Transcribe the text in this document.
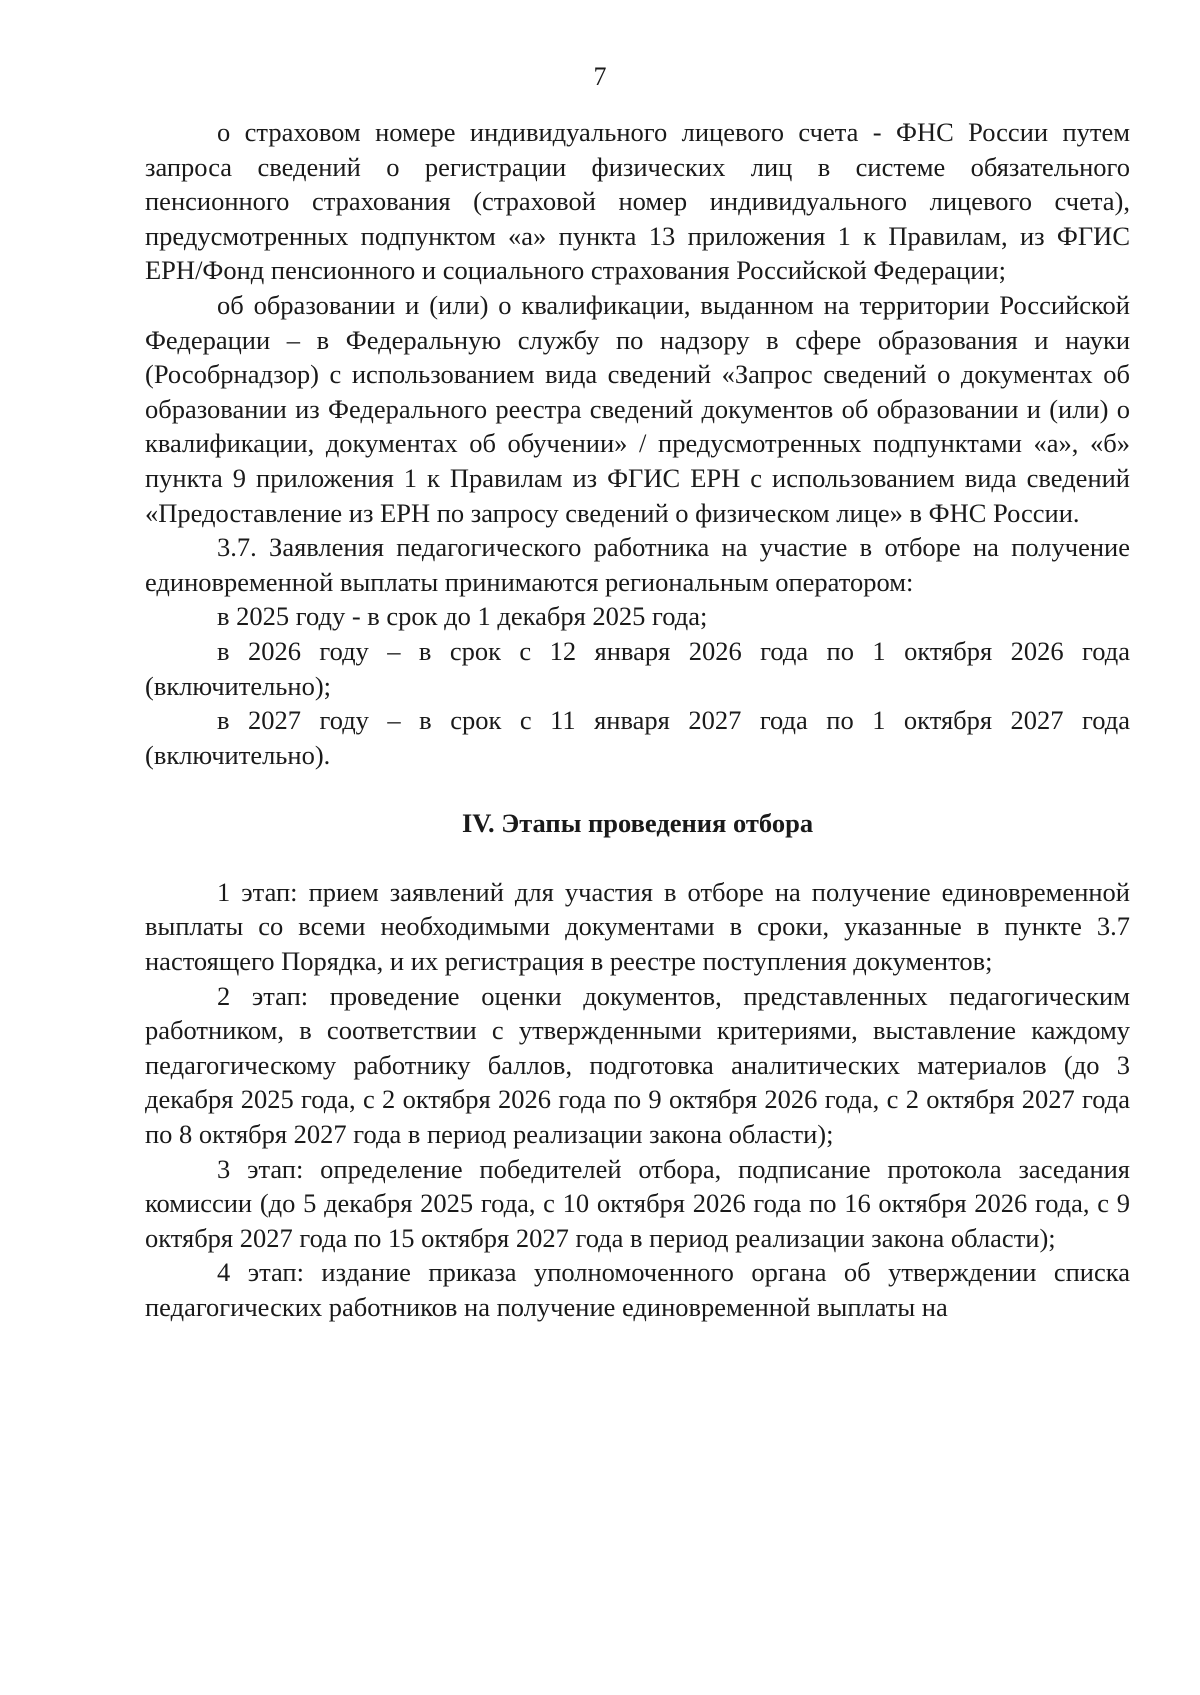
7

о страховом номере индивидуального лицевого счета - ФНС России путем запроса сведений о регистрации физических лиц в системе обязательного пенсионного страхования (страховой номер индивидуального лицевого счета), предусмотренных подпунктом «а» пункта 13 приложения 1 к Правилам, из ФГИС ЕРН/Фонд пенсионного и социального страхования Российской Федерации;

об образовании и (или) о квалификации, выданном на территории Российской Федерации – в Федеральную службу по надзору в сфере образования и науки (Рособрнадзор) с использованием вида сведений «Запрос сведений о документах об образовании из Федерального реестра сведений документов об образовании и (или) о квалификации, документах об обучении» / предусмотренных подпунктами «а», «б» пункта 9 приложения 1 к Правилам из ФГИС ЕРН с использованием вида сведений «Предоставление из ЕРН по запросу сведений о физическом лице» в ФНС России.

3.7. Заявления педагогического работника на участие в отборе на получение единовременной выплаты принимаются региональным оператором:

в 2025 году - в срок до 1 декабря 2025 года;

в 2026 году – в срок с 12 января 2026 года по 1 октября 2026 года (включительно);

в 2027 году – в срок с 11 января 2027 года по 1 октября 2027 года (включительно).

IV. Этапы проведения отбора

1 этап: прием заявлений для участия в отборе на получение единовременной выплаты со всеми необходимыми документами в сроки, указанные в пункте 3.7 настоящего Порядка, и их регистрация в реестре поступления документов;

2 этап: проведение оценки документов, представленных педагогическим работником, в соответствии с утвержденными критериями, выставление каждому педагогическому работнику баллов, подготовка аналитических материалов (до 3 декабря 2025 года, с 2 октября 2026 года по 9 октября 2026 года, с 2 октября 2027 года по 8 октября 2027 года в период реализации закона области);

3 этап: определение победителей отбора, подписание протокола заседания комиссии (до 5 декабря 2025 года, с 10 октября 2026 года по 16 октября 2026 года, с 9 октября 2027 года по 15 октября 2027 года в период реализации закона области);

4 этап: издание приказа уполномоченного органа об утверждении списка педагогических работников на получение единовременной выплаты на
